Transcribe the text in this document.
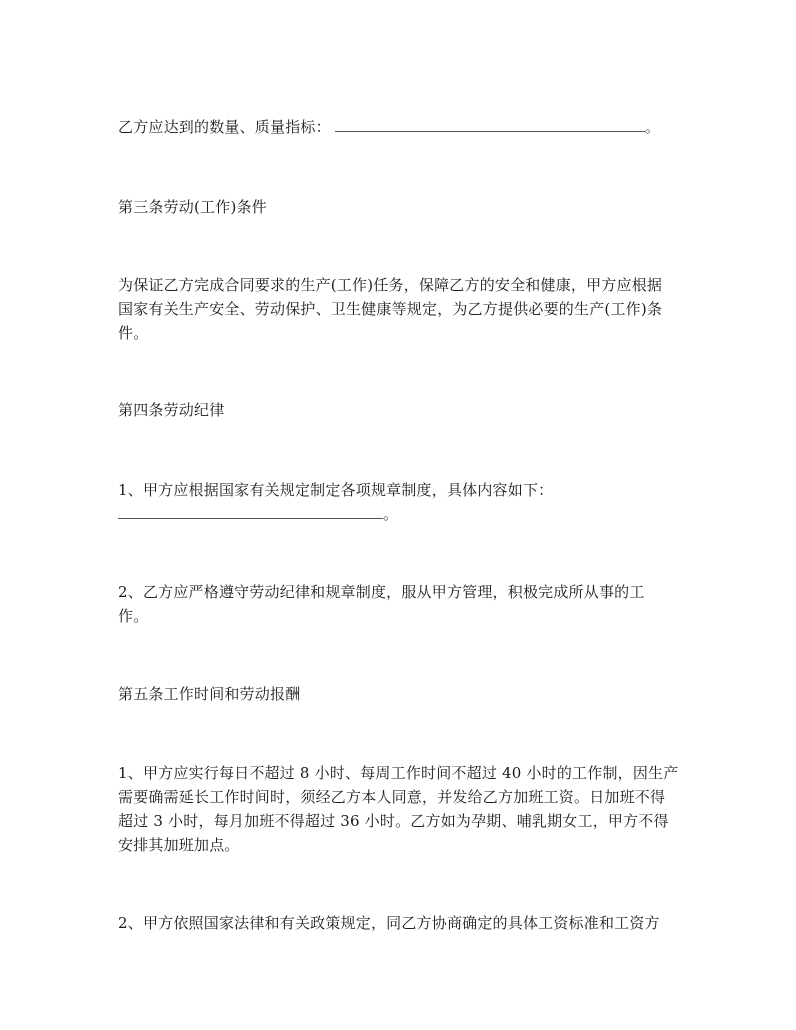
乙方应达到的数量、质量指标：	。
第三条劳动(工作)条件
为保证乙方完成合同要求的生产(工作)任务，保障乙方的安全和健康，甲方应根据
国家有关生产安全、劳动保护、卫生健康等规定，为乙方提供必要的生产(工作)条
件。
第四条劳动纪律
1、甲方应根据国家有关规定制定各项规章制度，具体内容如下：
。
2、乙方应严格遵守劳动纪律和规章制度，服从甲方管理，积极完成所从事的工
作。
第五条工作时间和劳动报酬
1、甲方应实行每日不超过 8 小时、每周工作时间不超过 40 小时的工作制，因生产
需要确需延长工作时间时，须经乙方本人同意，并发给乙方加班工资。日加班不得
超过 3 小时，每月加班不得超过 36 小时。乙方如为孕期、哺乳期女工，甲方不得
安排其加班加点。
2、甲方依照国家法律和有关政策规定，同乙方协商确定的具体工资标准和工资方
